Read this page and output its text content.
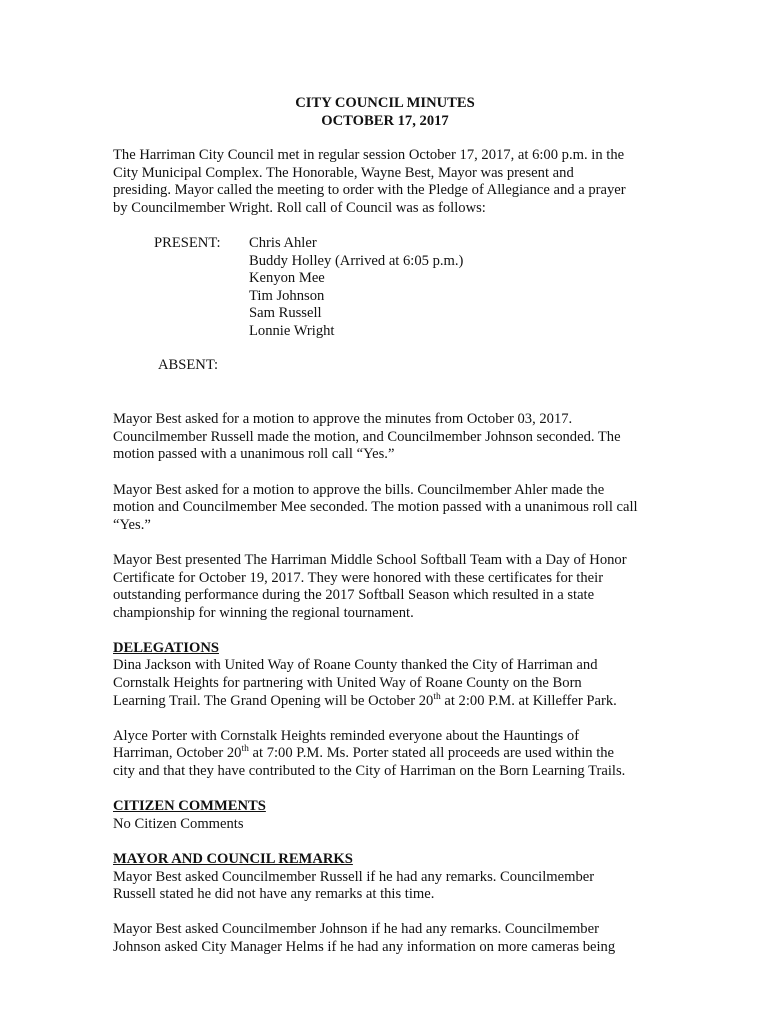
CITY COUNCIL MINUTES
OCTOBER 17, 2017
The Harriman City Council met in regular session October 17, 2017, at 6:00 p.m. in the
City Municipal Complex. The Honorable, Wayne Best, Mayor was present and
presiding. Mayor called the meeting to order with the Pledge of Allegiance and a prayer
by Councilmember Wright. Roll call of Council was as follows:
PRESENT: Chris Ahler
Buddy Holley (Arrived at 6:05 p.m.)
Kenyon Mee
Tim Johnson
Sam Russell
Lonnie Wright
ABSENT:
Mayor Best asked for a motion to approve the minutes from October 03, 2017.
Councilmember Russell made the motion, and Councilmember Johnson seconded. The
motion passed with a unanimous roll call “Yes.”
Mayor Best asked for a motion to approve the bills. Councilmember Ahler made the
motion and Councilmember Mee seconded. The motion passed with a unanimous roll call
“Yes.”
Mayor Best presented The Harriman Middle School Softball Team with a Day of Honor
Certificate for October 19, 2017. They were honored with these certificates for their
outstanding performance during the 2017 Softball Season which resulted in a state
championship for winning the regional tournament.
DELEGATIONS
Dina Jackson with United Way of Roane County thanked the City of Harriman and
Cornstalk Heights for partnering with United Way of Roane County on the Born
Learning Trail. The Grand Opening will be October 20th at 2:00 P.M. at Killeffer Park.
Alyce Porter with Cornstalk Heights reminded everyone about the Hauntings of
Harriman, October 20th at 7:00 P.M. Ms. Porter stated all proceeds are used within the
city and that they have contributed to the City of Harriman on the Born Learning Trails.
CITIZEN COMMENTS
No Citizen Comments
MAYOR AND COUNCIL REMARKS
Mayor Best asked Councilmember Russell if he had any remarks. Councilmember
Russell stated he did not have any remarks at this time.
Mayor Best asked Councilmember Johnson if he had any remarks. Councilmember
Johnson asked City Manager Helms if he had any information on more cameras being
